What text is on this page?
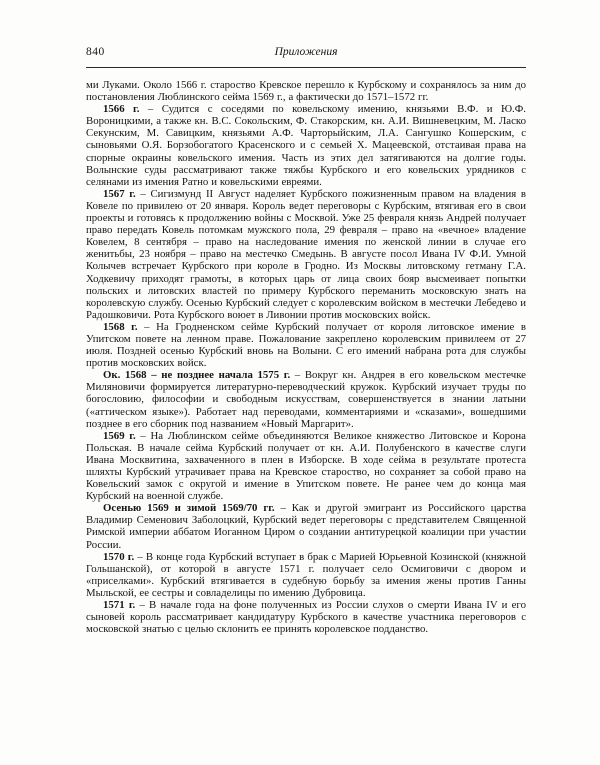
840	Приложения

ми Луками. Около 1566 г. староство Кревское перешло к Курбскому и сохранялось за ним до постановления Люблинского сейма 1569 г., а фактически до 1571–1572 гг.

1566 г. – Судится с соседями по ковельскому имению, князьями В.Ф. и Ю.Ф. Вороницкими, а также кн. В.С. Сокольским, Ф. Стакорским, кн. А.И. Вишневецким, М. Ласко Секунским, М. Савицким, князьями А.Ф. Чарторыйским, Л.А. Сангушко Кошерским, с сыновьями О.Я. Борзобогатого Красенского и с семьей Х. Мацеевской, отстаивая права на спорные окраины ковельского имения. Часть из этих дел затягиваются на долгие годы. Волынские суды рассматривают также тяжбы Курбского и его ковельских урядников с селянами из имения Ратно и ковельскими евреями.

1567 г. – Сигизмунд II Август наделяет Курбского пожизненным правом на владения в Ковеле по привилею от 20 января. Король ведет переговоры с Курбским, втягивая его в свои проекты и готовясь к продолжению войны с Москвой. Уже 25 февраля князь Андрей получает право передать Ковель потомкам мужского пола, 29 февраля – право на «вечное» владение Ковелем, 8 сентября – право на наследование имения по женской линии в случае его женитьбы, 23 ноября – право на местечко Смедынь. В августе посол Ивана IV Ф.И. Умной Колычев встречает Курбского при короле в Гродно. Из Москвы литовскому гетману Г.А. Ходкевичу приходят грамоты, в которых царь от лица своих бояр высмеивает попытки польских и литовских властей по примеру Курбского переманить московскую знать на королевскую службу. Осенью Курбский следует с королевским войском в местечки Лебедево и Радошковичи. Рота Курбского воюет в Ливонии против московских войск.

1568 г. – На Гродненском сейме Курбский получает от короля литовское имение в Упитском повете на ленном праве. Пожалование закреплено королевским привилеем от 27 июля. Поздней осенью Курбский вновь на Волыни. С его имений набрана рота для службы против московских войск.

Ок. 1568 – не позднее начала 1575 г. – Вокруг кн. Андрея в его ковельском местечке Миляновичи формируется литературно-переводческий кружок. Курбский изучает труды по богословию, философии и свободным искусствам, совершенствуется в знании латыни («аттическом языке»). Работает над переводами, комментариями и «сказами», вошедшими позднее в его сборник под названием «Новый Маргарит».

1569 г. – На Люблинском сейме объединяются Великое княжество Литовское и Корона Польская. В начале сейма Курбский получает от кн. А.И. Полубенского в качестве слуги Ивана Москвитина, захваченного в плен в Изборске. В ходе сейма в результате протеста шляхты Курбский утрачивает права на Кревское староство, но сохраняет за собой право на Ковельский замок с округой и имение в Упитском повете. Не ранее чем до конца мая Курбский на военной службе.

Осенью 1569 и зимой 1569/70 гг. – Как и другой эмигрант из Российского царства Владимир Семенович Заболоцкий, Курбский ведет переговоры с представителем Священной Римской империи аббатом Иоганном Циром о создании антитурецкой коалиции при участии России.

1570 г. – В конце года Курбский вступает в брак с Марией Юрьевной Козинской (княжной Гольшанской), от которой в августе 1571 г. получает село Осмиговичи с двором и «приселками». Курбский втягивается в судебную борьбу за имения жены против Ганны Мыльской, ее сестры и совладелицы по имению Дубровица.

1571 г. – В начале года на фоне полученных из России слухов о смерти Ивана IV и его сыновей король рассматривает кандидатуру Курбского в качестве участника переговоров с московской знатью с целью склонить ее принять королевское подданство.
